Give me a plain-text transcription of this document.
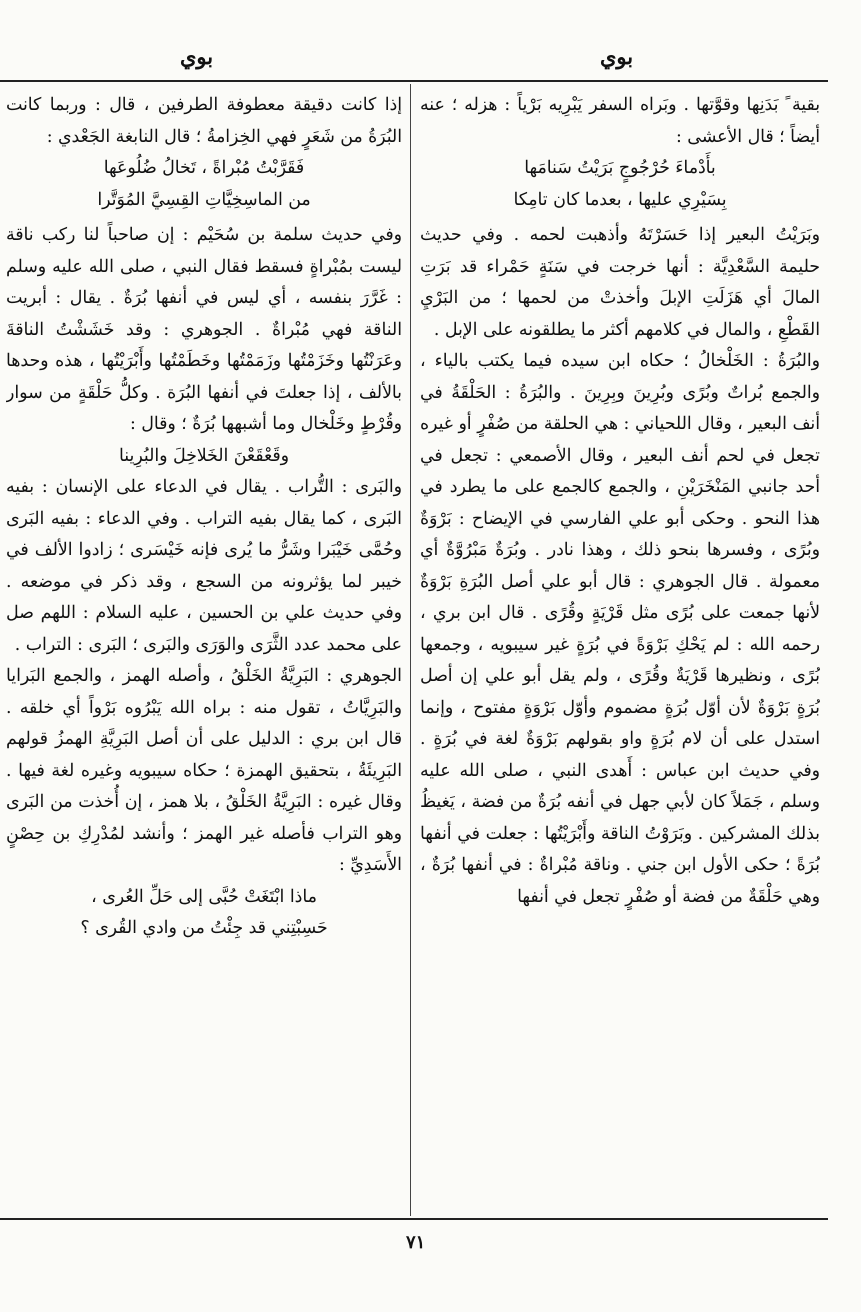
بوي	بوي

بقية ً بَدَنِها وقوَّتها . وبَراه السفر يَبْرِيه بَرْياً : هزله ؛ عنه أيضاً ؛ قال الأعشى :

بأَدْماءَ حُرْجُوجٍ بَرَيْتُ سَنامَها

بِسَيْرِي عليها ، بعدما كان تامِكا

وبَرَيْتُ البعير إذا حَسَرْتَهُ وأذهبت لحمه . وفي حديث حليمة السَّعْدِيَّة : أنها خرجت في سَنَةٍ حَمْراء قد بَرَتِ المالَ أي هَزَلَتِ الإبلَ وأخذتْ من لحمها ؛ من البَرْيِ القَطْعِ ، والمال في كلامهم أكثر ما يطلقونه على الإبل .

والبُرَةُ : الخَلْخالُ ؛ حكاه ابن سيده فيما يكتب بالياء ، والجمع بُراتٌ وبُرًى وبُرِينَ وبِرِينَ . والبُرَةُ : الحَلْقَةُ في أنف البعير ، وقال اللحياني : هي الحلقة من صُفْرٍ أو غيره تجعل في لحم أنف البعير ، وقال الأصمعي : تجعل في أحد جانبي المَنْخَرَيْنِ ، والجمع كالجمع على ما يطرد في هذا النحو . وحكى أبو علي الفارسي في الإيضاح : بَرْوَةٌ وبُرًى ، وفسرها بنحو ذلك ، وهذا نادر . وبُرَةٌ مَبْرُوَّةٌ أي معمولة . قال الجوهري : قال أبو علي أصل البُرَةِ بَرْوَةٌ لأنها جمعت على بُرًى مثل قَرْيَةٍ وقُرًى . قال ابن بري ، رحمه الله : لم يَحْكِ بَرْوَةً في بُرَةٍ غير سيبويه ، وجمعها بُرًى ، ونظيرها قَرْيَةٌ وقُرًى ، ولم يقل أبو علي إن أصل بُرَةٍ بَرْوَةٌ لأن أوّل بُرَةٍ مضموم وأوّل بَرْوَةٍ مفتوح ، وإنما استدل على أن لام بُرَةٍ واو بقولهم بَرْوَةٌ لغة في بُرَةٍ . وفي حديث ابن عباس : أَهدى النبي ، صلى الله عليه وسلم ، جَمَلاً كان لأبي جهل في أنفه بُرَةٌ من فضة ، يَغيظُ بذلك المشركين . وبَرَوْتُ الناقة وأَبْرَيْتُها : جعلت في أنفها بُرَةً ؛ حكى الأول ابن جني . وناقة مُبْراةٌ : في أنفها بُرَةٌ ، وهي حَلْقَةٌ من فضة أو صُفْرٍ تجعل في أنفها

إذا كانت دقيقة معطوفة الطرفين ، قال : وربما كانت البُرَةُ من شَعَرٍ فهي الخِزامةُ ؛ قال النابغة الجَعْدي :

فَقَرَّبْتُ مُبْراةً ، تَخالُ ضُلُوعَها

من الماسِخِيَّاتِ القِسِيَّ المُوَتَّرا

وفي حديث سلمة بن سُحَيْم : إن صاحباً لنا ركب ناقة ليست بمُبْراةٍ فسقط فقال النبي ، صلى الله عليه وسلم : غَرَّرَ بنفسه ، أي ليس في أنفها بُرَةٌ . يقال : أبريت الناقة فهي مُبْراةٌ . الجوهري : وقد خَشَشْتُ الناقةَ وعَرَنْتُها وخَزَمْتُها وزَمَمْتُها وخَطَمْتُها وأَبْرَيْتُها ، هذه وحدها بالألف ، إذا جعلتَ في أنفها البُرَة . وكلُّ حَلْقَةٍ من سوار وقُرْطٍ وخَلْخال وما أشبهها بُرَةٌ ؛ وقال :

وقَعْقَعْنَ الخَلاخِلَ والبُرِينا

والبَرى : التُّراب . يقال في الدعاء على الإنسان : بفيه البَرى ، كما يقال بفيه التراب . وفي الدعاء : بفيه البَرى وحُمَّى خَيْبَرا وشَرُّ ما يُرى فإنه خَيْسَرى ؛ زادوا الألف في خيبر لما يؤثرونه من السجع ، وقد ذكر في موضعه . وفي حديث علي بن الحسين ، عليه السلام : اللهم صل على محمد عدد الثَّرَى والوَرَى والبَرى ؛ البَرى : التراب .

الجوهري : البَرِيَّةُ الخَلْقُ ، وأصله الهمز ، والجمع البَرايا والبَرِيَّاتُ ، تقول منه : براه الله يَبْرُوه بَرْواً أي خلقه . قال ابن بري : الدليل على أن أصل البَرِيَّةِ الهمزُ قولهم البَرِيئَةُ ، بتحقيق الهمزة ؛ حكاه سيبويه وغيره لغة فيها . وقال غيره : البَرِيَّةُ الخَلْقُ ، بلا همز ، إن أُخذت من البَرى وهو التراب فأصله غير الهمز ؛ وأنشد لمُدْرِكِ بن حِصْنٍ الأَسَدِيِّ :

ماذا ابْتَغَتْ حُبَّى إلى حَلِّ العُرى ،

حَسِبْتِني قد جِئْتُ من وادي القُرى ؟

٧١
